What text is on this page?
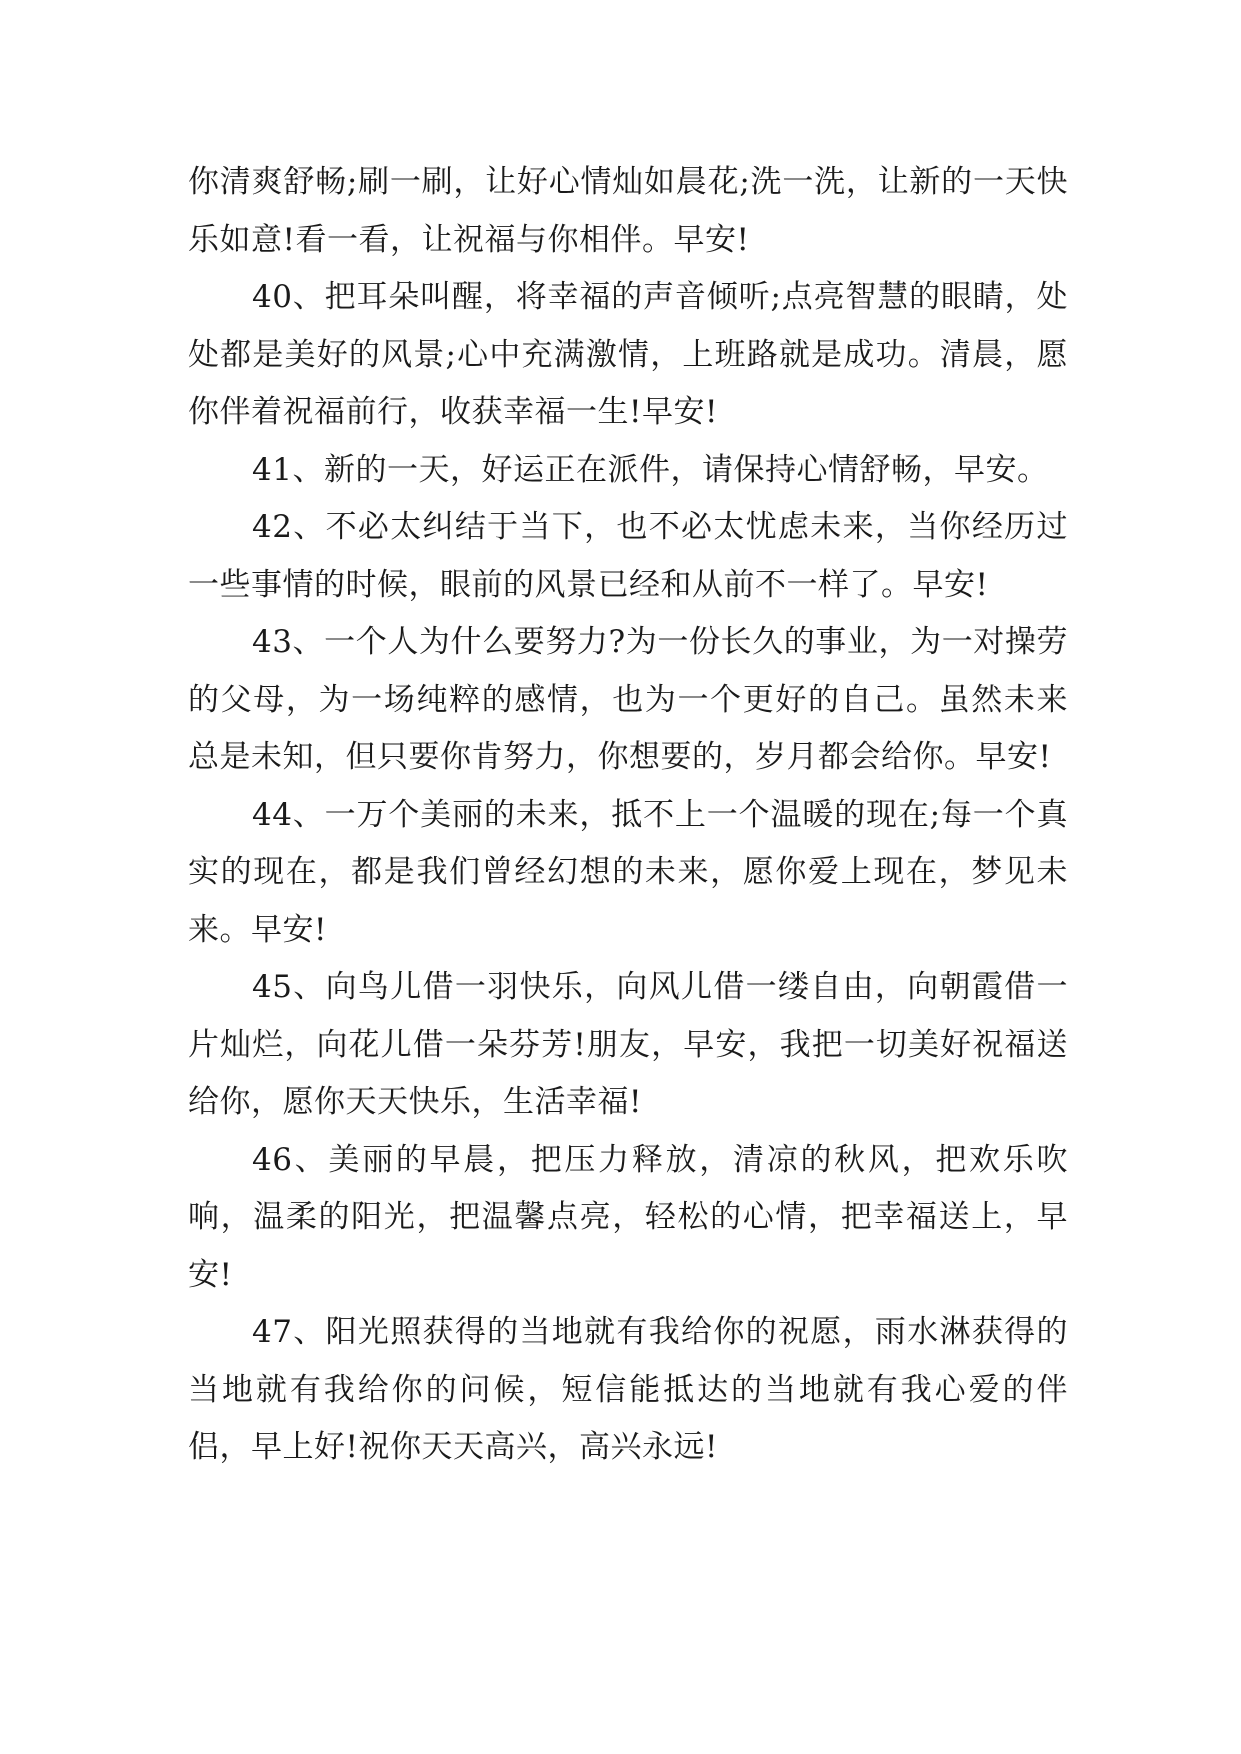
你清爽舒畅;刷一刷，让好心情灿如晨花;洗一洗，让新的一天快乐如意!看一看，让祝福与你相伴。早安!

40、把耳朵叫醒，将幸福的声音倾听;点亮智慧的眼睛，处处都是美好的风景;心中充满激情，上班路就是成功。清晨，愿你伴着祝福前行，收获幸福一生!早安!

41、新的一天，好运正在派件，请保持心情舒畅，早安。

42、不必太纠结于当下，也不必太忧虑未来，当你经历过一些事情的时候，眼前的风景已经和从前不一样了。早安!

43、一个人为什么要努力?为一份长久的事业，为一对操劳的父母，为一场纯粹的感情，也为一个更好的自己。虽然未来总是未知，但只要你肯努力，你想要的，岁月都会给你。早安!

44、一万个美丽的未来，抵不上一个温暖的现在;每一个真实的现在，都是我们曾经幻想的未来，愿你爱上现在，梦见未来。早安!

45、向鸟儿借一羽快乐，向风儿借一缕自由，向朝霞借一片灿烂，向花儿借一朵芬芳!朋友，早安，我把一切美好祝福送给你，愿你天天快乐，生活幸福!

46、美丽的早晨，把压力释放，清凉的秋风，把欢乐吹响，温柔的阳光，把温馨点亮，轻松的心情，把幸福送上，早安!

47、阳光照获得的当地就有我给你的祝愿，雨水淋获得的当地就有我给你的问候，短信能抵达的当地就有我心爱的伴侣，早上好!祝你天天高兴，高兴永远!
